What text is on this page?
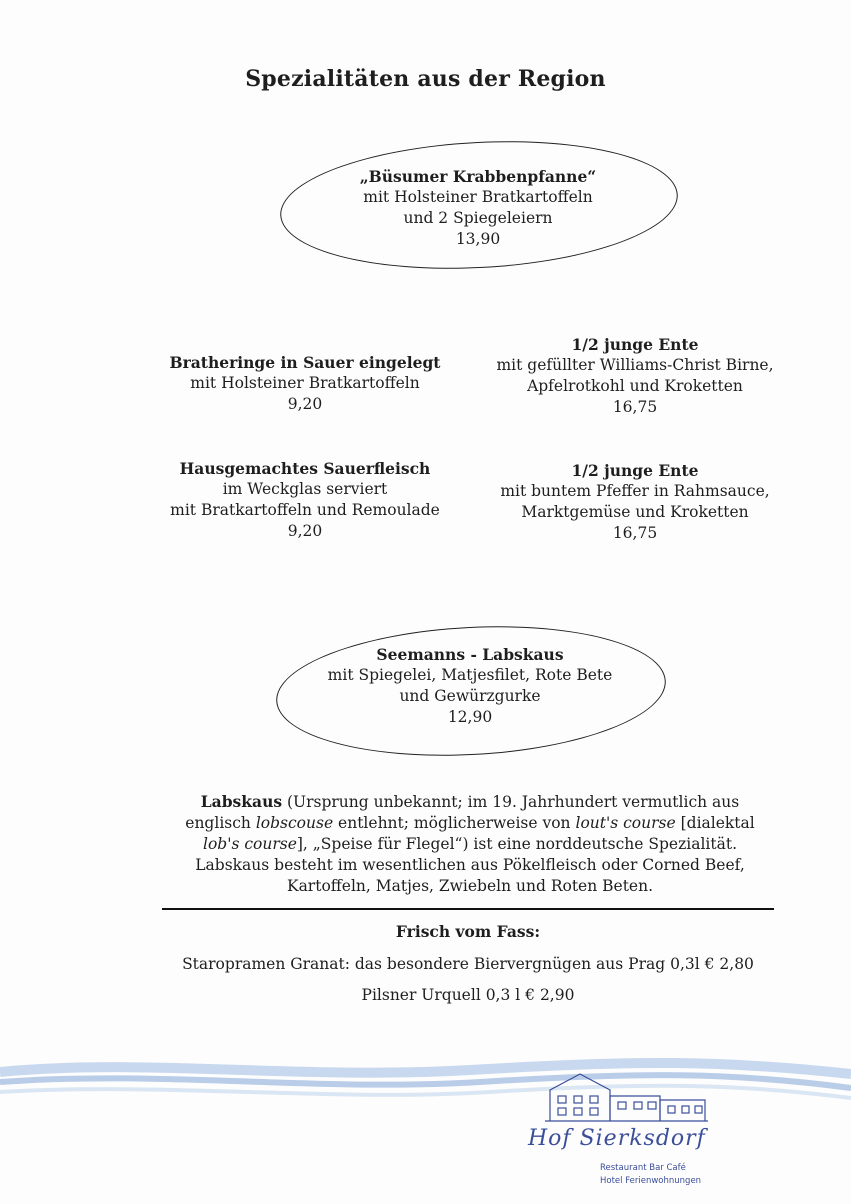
Spezialitäten aus der Region
„Büsumer Krabbenpfanne“
mit Holsteiner Bratkartoffeln
und 2 Spiegeleiern
13,90
Bratheringe in Sauer eingelegt
mit Holsteiner Bratkartoffeln
9,20
Hausgemachtes Sauerfleisch
im Weckglas serviert
mit Bratkartoffeln und Remoulade
9,20
1/2 junge Ente
mit gefüllter Williams-Christ Birne,
Apfelrotkohl und Kroketten
16,75
1/2 junge Ente
mit buntem Pfeffer in Rahmsauce,
Marktgemüse und Kroketten
16,75
Seemanns - Labskaus
mit Spiegelei, Matjesfilet, Rote Bete
und Gewürzgurke
12,90
Labskaus (Ursprung unbekannt; im 19. Jahrhundert vermutlich aus englisch lobscouse entlehnt; möglicherweise von lout's course [dialektal lob's course], „Speise für Flegel“) ist eine norddeutsche Spezialität. Labskaus besteht im wesentlichen aus Pökelfleisch oder Corned Beef, Kartoffeln, Matjes, Zwiebeln und Roten Beten.
Frisch vom Fass:
Staropramen Granat: das besondere Biervergnügen aus Prag 0,3l € 2,80
Pilsner Urquell 0,3 l € 2,90
Hof Sierksdorf
Restaurant Bar Café
Hotel Ferienwohnungen
